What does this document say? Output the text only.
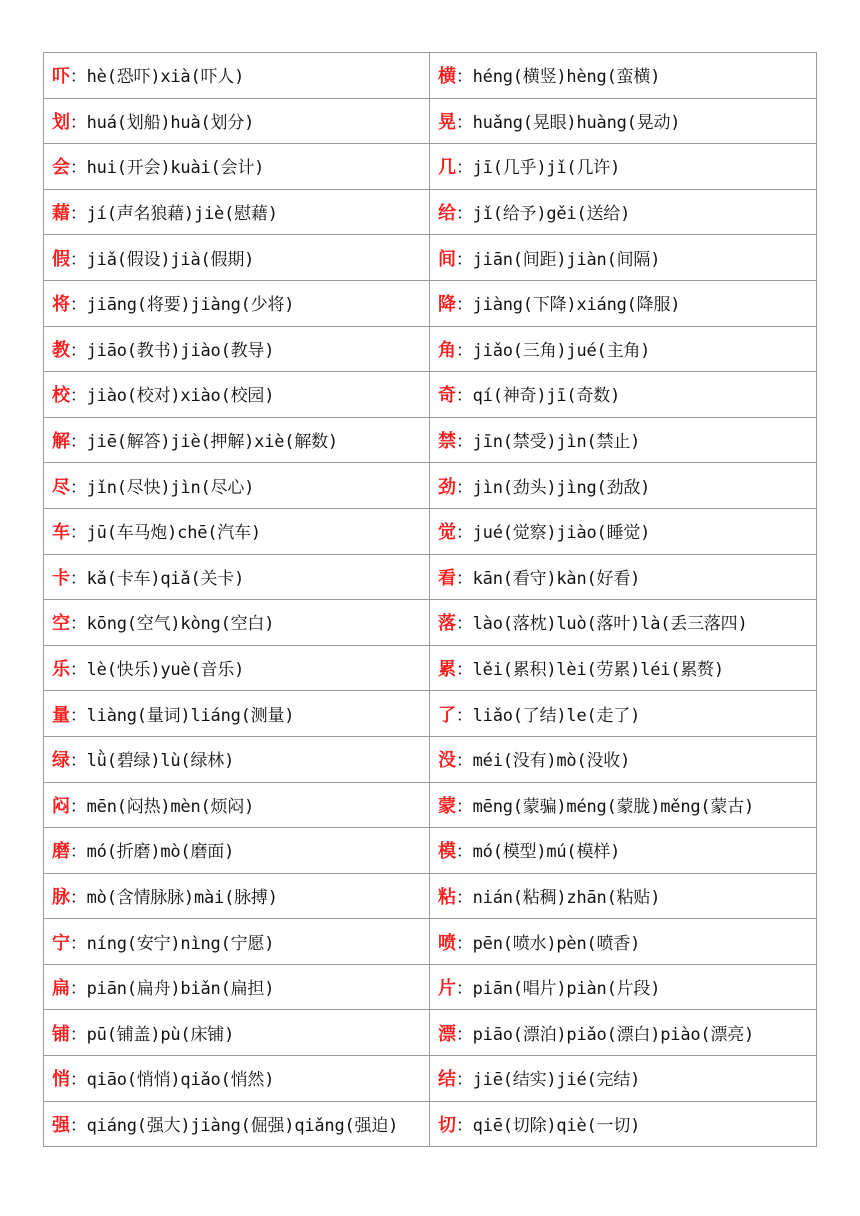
吓：hè(恐吓)xià(吓人)	横：héng(横竖)hèng(蛮横)
划：huá(划船)huà(划分)	晃：huǎng(晃眼)huàng(晃动)
会：hui(开会)kuài(会计)	几：jī(几乎)jǐ(几许)
藉：jí(声名狼藉)jiè(慰藉)	给：jǐ(给予)gěi(送给)
假：jiǎ(假设)jià(假期)	间：jiān(间距)jiàn(间隔)
将：jiāng(将要)jiàng(少将)	降：jiàng(下降)xiáng(降服)
教：jiāo(教书)jiào(教导)	角：jiǎo(三角)jué(主角)
校：jiào(校对)xiào(校园)	奇：qí(神奇)jī(奇数)
解：jiē(解答)jiè(押解)xiè(解数)	禁：jīn(禁受)jìn(禁止)
尽：jǐn(尽快)jìn(尽心)	劲：jìn(劲头)jìng(劲敌)
车：jū(车马炮)chē(汽车)	觉：jué(觉察)jiào(睡觉)
卡：kǎ(卡车)qiǎ(关卡)	看：kān(看守)kàn(好看)
空：kōng(空气)kòng(空白)	落：lào(落枕)luò(落叶)là(丢三落四)
乐：lè(快乐)yuè(音乐)	累：lěi(累积)lèi(劳累)léi(累赘)
量：liàng(量词)liáng(测量)	了：liǎo(了结)le(走了)
绿：lǜ(碧绿)lù(绿林)	没：méi(没有)mò(没收)
闷：mēn(闷热)mèn(烦闷)	蒙：mēng(蒙骗)méng(蒙胧)měng(蒙古)
磨：mó(折磨)mò(磨面)	模：mó(模型)mú(模样)
脉：mò(含情脉脉)mài(脉搏)	粘：nián(粘稠)zhān(粘贴)
宁：níng(安宁)nìng(宁愿)	喷：pēn(喷水)pèn(喷香)
扁：piān(扁舟)biǎn(扁担)	片：piān(唱片)piàn(片段)
铺：pū(铺盖)pù(床铺)	漂：piāo(漂泊)piǎo(漂白)piào(漂亮)
悄：qiāo(悄悄)qiǎo(悄然)	结：jiē(结实)jié(完结)
强：qiáng(强大)jiàng(倔强)qiǎng(强迫)	切：qiē(切除)qiè(一切)
